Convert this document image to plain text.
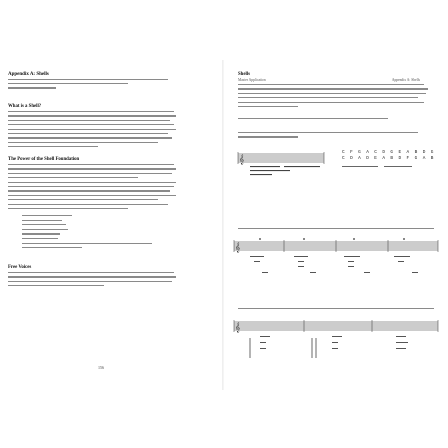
Appendix A: Shells
What is a Shell?
The Power of the Shell Foundation
Free Voices
156
Appendix A: Shells
Shells
Master Application
𝄞
C F G A C D G E A B D G
C D A D E A B D F G A B
𝄞
𝄞
